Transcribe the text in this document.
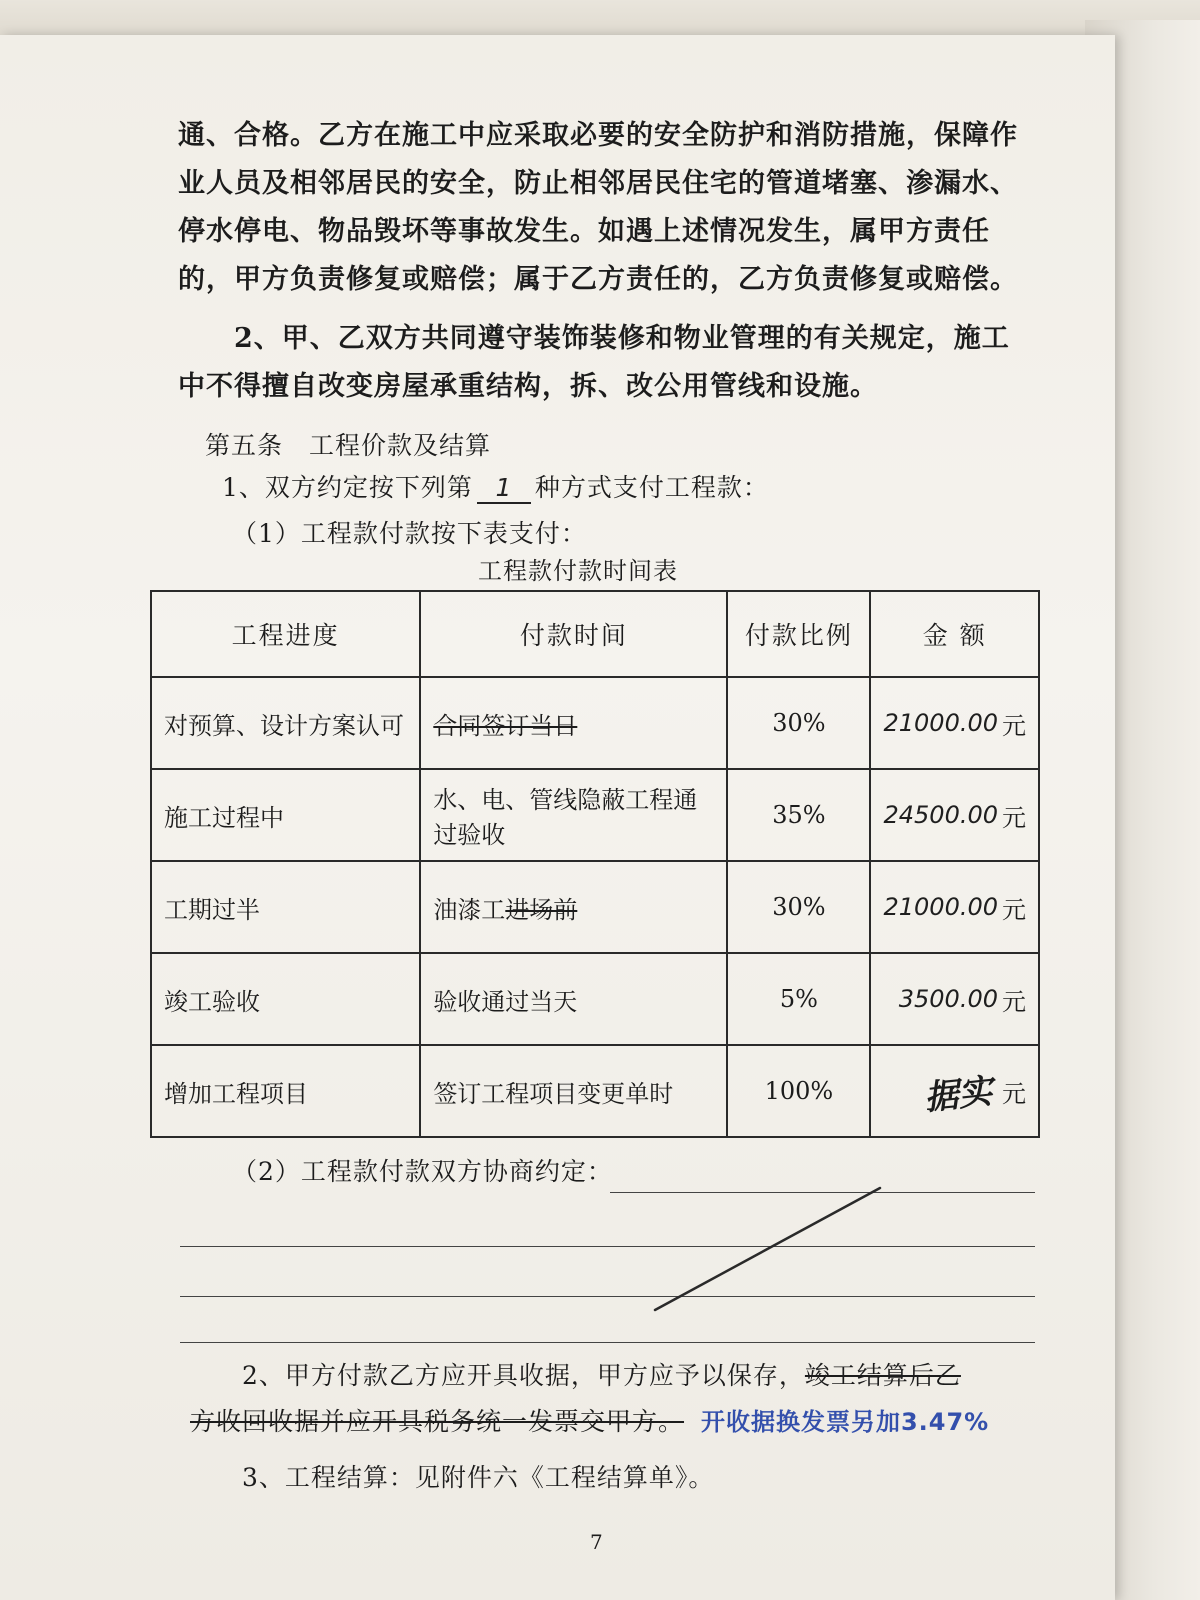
通、合格。乙方在施工中应采取必要的安全防护和消防措施，保障作业人员及相邻居民的安全，防止相邻居民住宅的管道堵塞、渗漏水、停水停电、物品毁坏等事故发生。如遇上述情况发生，属甲方责任的，甲方负责修复或赔偿；属于乙方责任的，乙方负责修复或赔偿。
2、甲、乙双方共同遵守装饰装修和物业管理的有关规定，施工中不得擅自改变房屋承重结构，拆、改公用管线和设施。
第五条　工程价款及结算
1、双方约定按下列第 1 种方式支付工程款：
（1）工程款付款按下表支付：
工程款付款时间表
工程进度	付款时间	付款比例	金 额
对预算、设计方案认可	合同签订当日	30%	21000.00 元

施工过程中	水、电、管线隐蔽工程通过验收	35%	24500.00 元

工期过半	油漆工进场前	30%	21000.00 元

竣工验收	验收通过当天	5%	3500.00 元

增加工程项目	签订工程项目变更单时	100%	据实 元
（2）工程款付款双方协商约定：
2、甲方付款乙方应开具收据，甲方应予以保存，竣工结算后乙
方收回收据并应开具税务统一发票交甲方。 开收据换发票另加3.47%
3、工程结算：见附件六《工程结算单》。
7
